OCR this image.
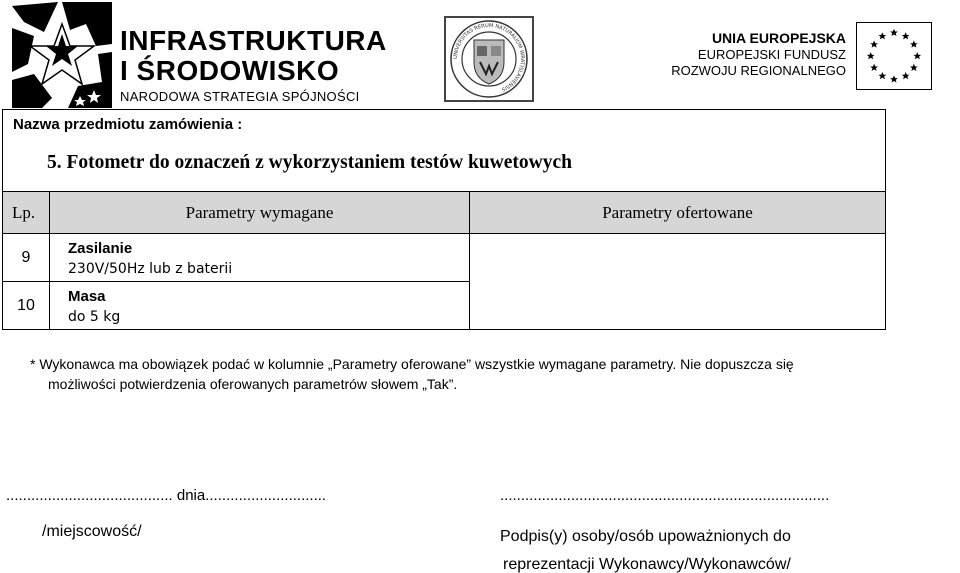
INFRASTRUKTURA
I ŚRODOWISKO
NARODOWA STRATEGIA SPÓJNOŚCI
UNIVERSITAS RERUM NATURALIUM WRATISLAVIENSIS
UNIA EUROPEJSKA
EUROPEJSKI FUNDUSZ
ROZWOJU REGIONALNEGO
Nazwa przedmiotu zamówienia :
5. Fotometr do oznaczeń z wykorzystaniem testów kuwetowych
Lp.	Parametry wymagane	Parametry ofertowane
9	Zasilanie
230V/50Hz lub z baterii	

10	Masa
do 5 kg	
* Wykonawca ma obowiązek podać w kolumnie „Parametry oferowane” wszystkie wymagane parametry. Nie dopuszcza się
możliwości potwierdzenia oferowanych parametrów słowem „Tak”.
........................................ dnia.............................	...............................................................................
/miejscowość/	Podpis(y) osoby/osób upoważnionych do
reprezentacji Wykonawcy/Wykonawców/
